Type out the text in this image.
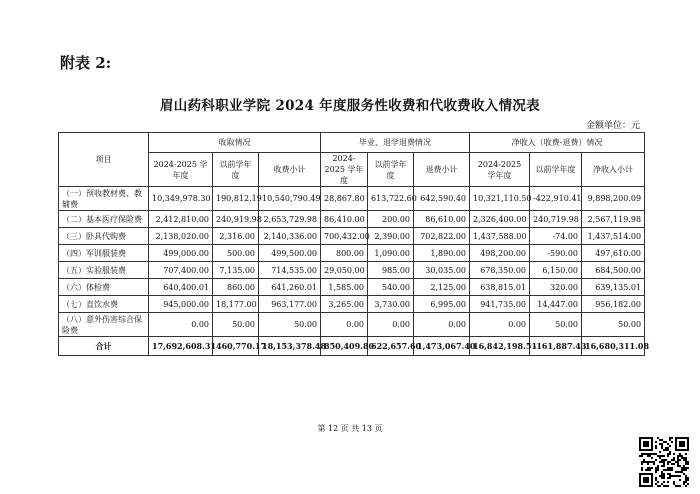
附表 2:
眉山药科职业学院 2024 年度服务性收费和代收费收入情况表
金额单位：元
项目	收取情况			毕业、退学退费情况			净收入（收费-退费）情况		
	2024-2025 学年度	以前学年度	收费小计	2024-2025 学年度	以前学年度	退费小计	2024-2025 学年度	以前学年度	净收入小计
（一）预收教材费、教辅费	10,349,978.30	190,812.19	10,540,790.49	28,867.80	613,722.60	642,590.40	10,321,110.50	-422,910.41	9,898,200.09
（二）基本医疗保险费	2,412,810.00	240,919.98	2,653,729.98	86,410.00	200.00	86,610.00	2,326,400.00	240,719.98	2,567,119.98
（三）卧具代购费	2,138,020.00	2,316.00	2,140,336.00	700,432.00	2,390.00	702,822.00	1,437,588.00	-74.00	1,437,514.00
（四）军训服装费	499,000.00	500.00	499,500.00	800.00	1,090.00	1,890.00	498,200.00	-590.00	497,610.00
（五）实验服装费	707,400.00	7,135.00	714,535.00	29,050.00	985.00	30,035.00	678,350.00	6,150.00	684,500.00
（六）体检费	640,400.01	860.00	641,260.01	1,585.00	540.00	2,125.00	638,815.01	320.00	639,135.01
（七）直饮水费	945,000.00	18,177.00	963,177.00	3,265.00	3,730.00	6,995.00	941,735.00	14,447.00	956,182.00
（八）意外伤害综合保险费	0.00	50.00	50.00	0.00	0.00	0.00	0.00	50.00	50.00
合计	17,692,608.31	460,770.17	18,153,378.48	850,409.80	622,657.60	1,473,067.40	16,842,198.51	-161,887.43	16,680,311.08
第 12 页 共 13 页
